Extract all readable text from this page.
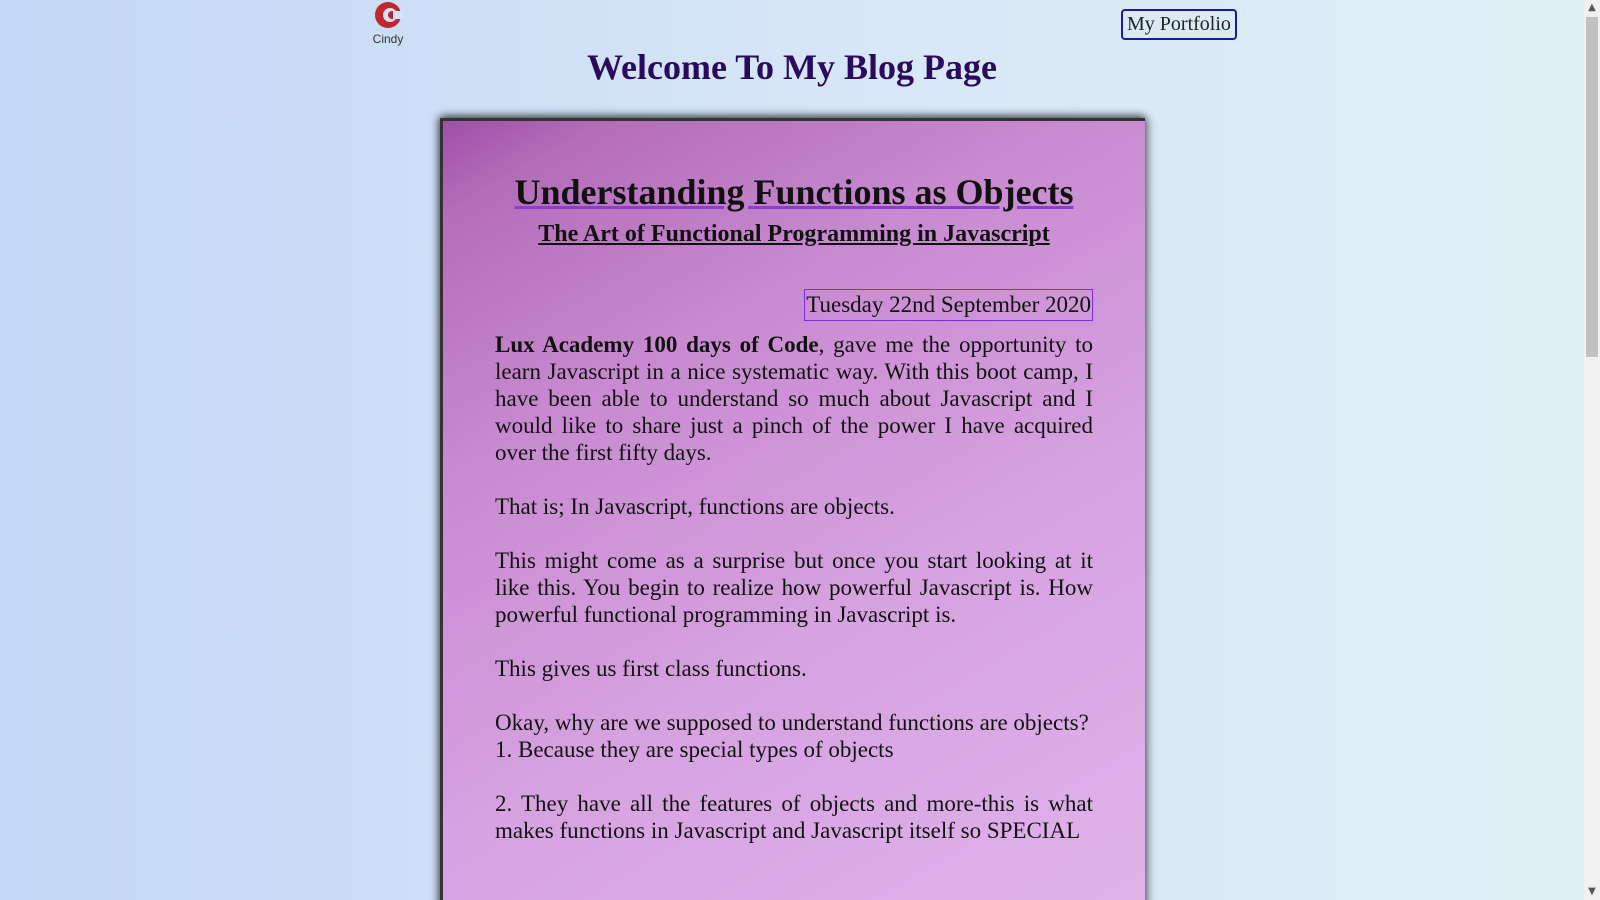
Cindy
My Portfolio
Welcome To My Blog Page
Understanding Functions as Objects
The Art of Functional Programming in Javascript
Tuesday 22nd September 2020

Lux Academy 100 days of Code, gave me the opportunity to learn Javascript in a nice systematic way. With this boot camp, I have been able to understand so much about Javascript and I would like to share just a pinch of the power I have acquired over the first fifty days.

That is; In Javascript, functions are objects.

This might come as a surprise but once you start looking at it like this. You begin to realize how powerful Javascript is. How powerful functional programming in Javascript is.

This gives us first class functions.

Okay, why are we supposed to understand functions are objects?
1. Because they are special types of objects

2. They have all the features of objects and more-this is what makes functions in Javascript and Javascript itself so SPECIAL

▲
▼
